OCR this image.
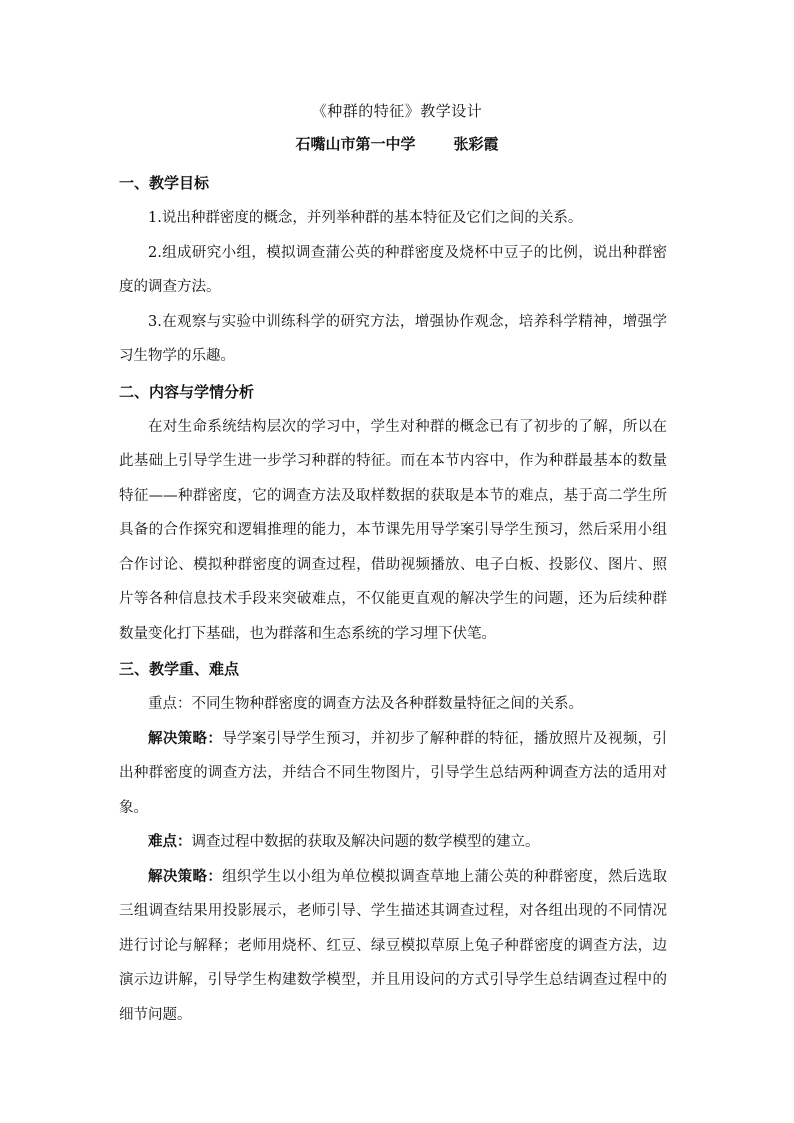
《种群的特征》教学设计
石嘴山市第一中学	张彩霞
一、教学目标

1.说出种群密度的概念，并列举种群的基本特征及它们之间的关系。

2.组成研究小组，模拟调查蒲公英的种群密度及烧杯中豆子的比例，说出种群密度的调查方法。

3.在观察与实验中训练科学的研究方法，增强协作观念，培养科学精神，增强学习生物学的乐趣。

二、内容与学情分析

在对生命系统结构层次的学习中，学生对种群的概念已有了初步的了解，所以在此基础上引导学生进一步学习种群的特征。而在本节内容中，作为种群最基本的数量特征——种群密度，它的调查方法及取样数据的获取是本节的难点，基于高二学生所具备的合作探究和逻辑推理的能力，本节课先用导学案引导学生预习，然后采用小组合作讨论、模拟种群密度的调查过程，借助视频播放、电子白板、投影仪、图片、照片等各种信息技术手段来突破难点，不仅能更直观的解决学生的问题，还为后续种群数量变化打下基础，也为群落和生态系统的学习埋下伏笔。

三、教学重、难点

重点：不同生物种群密度的调查方法及各种群数量特征之间的关系。

解决策略：导学案引导学生预习，并初步了解种群的特征，播放照片及视频，引出种群密度的调查方法，并结合不同生物图片，引导学生总结两种调查方法的适用对象。

难点：调查过程中数据的获取及解决问题的数学模型的建立。

解决策略：组织学生以小组为单位模拟调查草地上蒲公英的种群密度，然后选取三组调查结果用投影展示，老师引导、学生描述其调查过程，对各组出现的不同情况进行讨论与解释；老师用烧杯、红豆、绿豆模拟草原上兔子种群密度的调查方法，边演示边讲解，引导学生构建数学模型，并且用设问的方式引导学生总结调查过程中的细节问题。
